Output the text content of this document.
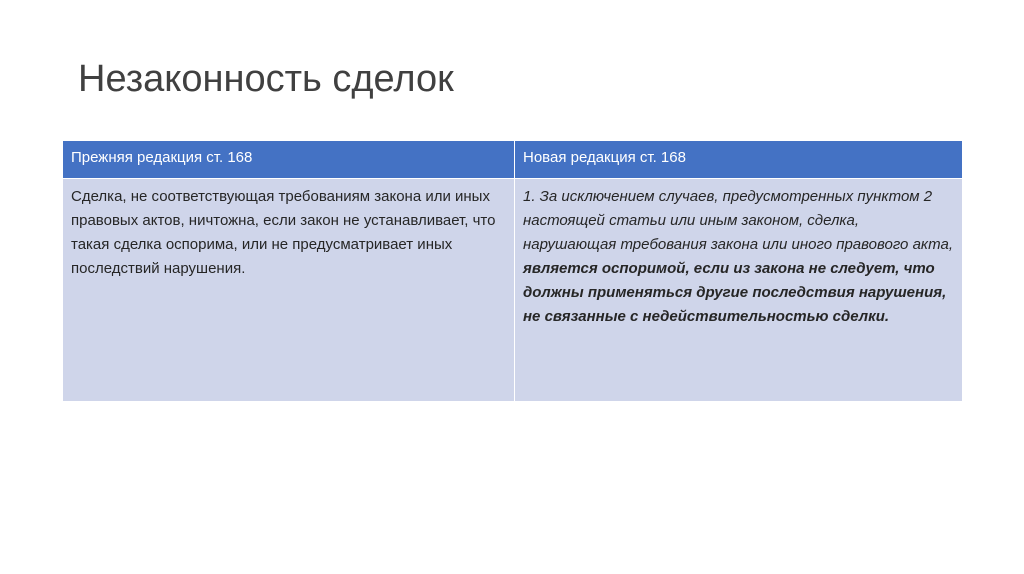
Незаконность сделок
Прежняя редакция ст. 168	Новая редакция ст. 168
Сделка, не соответствующая требованиям закона или иных правовых актов, ничтожна, если закон не устанавливает, что такая сделка оспорима, или не предусматривает иных последствий нарушения.	1. За исключением случаев, предусмотренных пунктом 2 настоящей статьи или иным законом, сделка, нарушающая требования закона или иного правового акта, является оспоримой, если из закона не следует, что должны применяться другие последствия нарушения, не связанные с недействительностью сделки.
